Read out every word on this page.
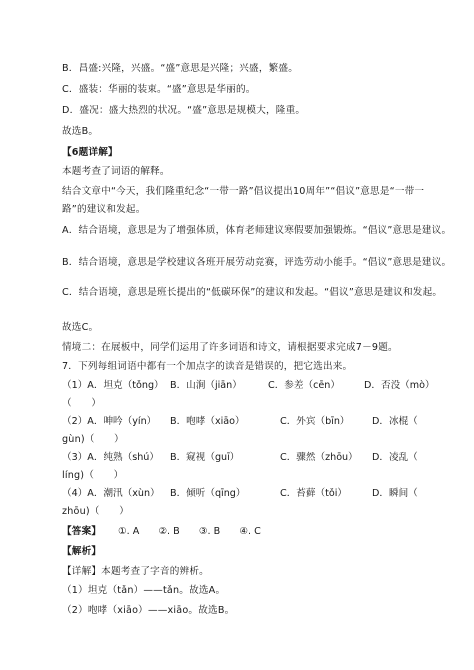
B．昌盛:兴隆，兴盛。“盛”意思是兴隆；兴盛，繁盛。
C．盛装：华丽的装束。“盛”意思是华丽的。
D．盛况：盛大热烈的状况。“盛”意思是规模大，隆重。
故选B。
【6题详解】
本题考查了词语的解释。
结合文章中“今天，我们隆重纪念“一带一路”倡议提出10周年”“倡议”意思是“一带一
路”的建议和发起。
A．结合语境，意思是为了增强体质，体育老师建议寒假要加强锻炼。“倡议”意思是建议。
B．结合语境，意思是学校建议各班开展劳动竞赛，评选劳动小能手。“倡议”意思是建议。
C．结合语境，意思是班长提出的“低碳环保”的建议和发起。“倡议”意思是建议和发起。
故选C。
情境二：在展板中，同学们运用了许多词语和诗文，请根据要求完成7－9题。
7．下列每组词语中都有一个加点字的读音是错误的，把它选出来。
（1）A．坦克（tǒng） B．山涧（jiān）	C．参差（cēn）	D．否没（mò）
（　　）
（2）A．呻吟（yín） B．咆哮（xiāo）	C．外宾（bīn） D．冰棍（
gùn)（　　）
（3）A．纯熟（shú） B．窥视（guī）	C．骤然（zhōu） D．凌乱（
líng)（　　）
（4）A．潮汛（xùn） B．倾听（qīng）	C．苔藓（tǒi）	D．瞬间（
zhōu)（　　）
【答案】 ①. A　　②. B　　③. B　　④. C
【解析】
【详解】本题考查了字音的辨析。
（1）坦克（tǎn）——tǎn。故选A。
（2）咆哮（xiāo）——xiāo。故选B。
